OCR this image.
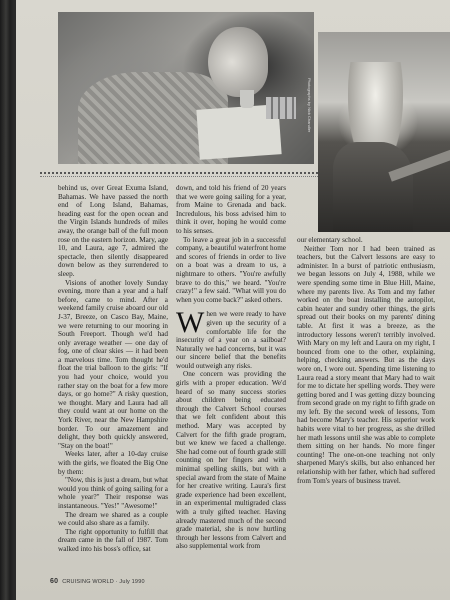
Photographs by Nick Chandler

behind us, over Great Exuma Island, Bahamas. We have passed the north end of Long Island, Bahamas, heading east for the open ocean and the Virgin Islands hundreds of miles away, the orange ball of the full moon rose on the eastern horizon. Mary, age 10, and Laura, age 7, admired the spectacle, then silently disappeared down below as they surrendered to sleep.

Visions of another lovely Sunday evening, more than a year and a half before, came to mind. After a weekend family cruise aboard our old J-37, Breeze, on Casco Bay, Maine, we were returning to our mooring in South Freeport. Though we'd had only average weather — one day of fog, one of clear skies — it had been a marvelous time. Tom thought he'd float the trial balloon to the girls: "If you had your choice, would you rather stay on the boat for a few more days, or go home?" A risky question, we thought. Mary and Laura had all they could want at our home on the York River, near the New Hampshire border. To our amazement and delight, they both quickly answered, "Stay on the boat!"

Weeks later, after a 10-day cruise with the girls, we floated the Big One by them:

"Now, this is just a dream, but what would you think of going sailing for a whole year?" Their response was instantaneous. "Yes!" "Awesome!"

The dream we shared as a couple we could also share as a family.

The right opportunity to fulfill that dream came in the fall of 1987. Tom walked into his boss's office, sat

down, and told his friend of 20 years that we were going sailing for a year, from Maine to Grenada and back. Incredulous, his boss advised him to think it over, hoping he would come to his senses.

To leave a great job in a successful company, a beautiful waterfront home and scores of friends in order to live on a boat was a dream to us, a nightmare to others. "You're awfully brave to do this," we heard. "You're crazy!" a few said. "What will you do when you come back?" asked others.

When we were ready to have given up the security of a comfortable life for the insecurity of a year on a sailboat? Naturally we had concerns, but it was our sincere belief that the benefits would outweigh any risks.

One concern was providing the girls with a proper education. We'd heard of so many success stories about children being educated through the Calvert School courses that we felt confident about this method. Mary was accepted by Calvert for the fifth grade program, but we knew we faced a challenge. She had come out of fourth grade still counting on her fingers and with minimal spelling skills, but with a special award from the state of Maine for her creative writing. Laura's first grade experience had been excellent, in an experimental multigraded class with a truly gifted teacher. Having already mastered much of the second grade material, she is now hurtling through her lessons from Calvert and also supplemental work from

our elementary school.

Neither Tom nor I had been trained as teachers, but the Calvert lessons are easy to administer. In a burst of patriotic enthusiasm, we began lessons on July 4, 1988, while we were spending some time in Blue Hill, Maine, where my parents live. As Tom and my father worked on the boat installing the autopilot, cabin heater and sundry other things, the girls spread out their books on my parents' dining table. At first it was a breeze, as the introductory lessons weren't terribly involved. With Mary on my left and Laura on my right, I bounced from one to the other, explaining, helping, checking answers. But as the days wore on, I wore out. Spending time listening to Laura read a story meant that Mary had to wait for me to dictate her spelling words. They were getting bored and I was getting dizzy bouncing from second grade on my right to fifth grade on my left. By the second week of lessons, Tom had become Mary's teacher. His superior work habits were vital to her progress, as she drilled her math lessons until she was able to complete them sitting on her hands. No more finger counting! The one-on-one teaching not only sharpened Mary's skills, but also enhanced her relationship with her father, which had suffered from Tom's years of business travel.

60 CRUISING WORLD · July 1990
